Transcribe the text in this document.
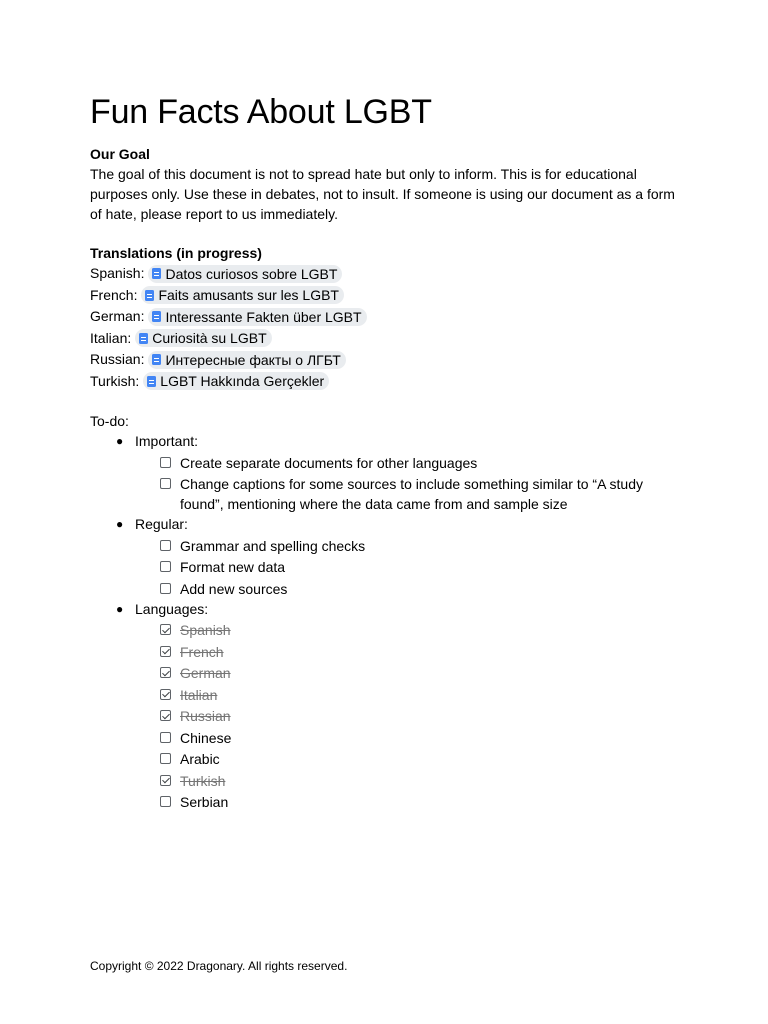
Fun Facts About LGBT
Our Goal
The goal of this document is not to spread hate but only to inform. This is for educational purposes only. Use these in debates, not to insult. If someone is using our document as a form of hate, please report to us immediately.
Translations (in progress)
Spanish: Datos curiosos sobre LGBT
French: Faits amusants sur les LGBT
German: Interessante Fakten über LGBT
Italian: Curiosità su LGBT
Russian: Интересные факты о ЛГБТ
Turkish: LGBT Hakkında Gerçekler
To-do:
● Important:
Create separate documents for other languages
Change captions for some sources to include something similar to “A study found”, mentioning where the data came from and sample size
● Regular:
Grammar and spelling checks
Format new data
Add new sources
● Languages:
Spanish
French
German
Italian
Russian
Chinese
Arabic
Turkish
Serbian
Copyright © 2022 Dragonary. All rights reserved.
